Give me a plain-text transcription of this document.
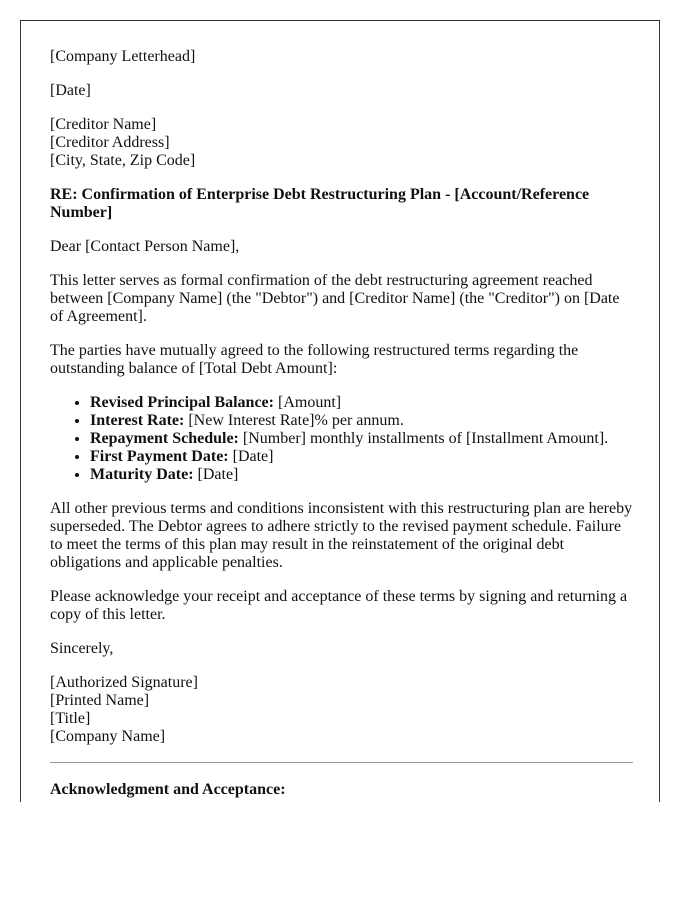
[Company Letterhead]

[Date]

[Creditor Name]
[Creditor Address]
[City, State, Zip Code]

RE: Confirmation of Enterprise Debt Restructuring Plan - [Account/Reference Number]

Dear [Contact Person Name],

This letter serves as formal confirmation of the debt restructuring agreement reached between [Company Name] (the "Debtor") and [Creditor Name] (the "Creditor") on [Date of Agreement].

The parties have mutually agreed to the following restructured terms regarding the outstanding balance of [Total Debt Amount]:

• Revised Principal Balance: [Amount]
• Interest Rate: [New Interest Rate]% per annum.
• Repayment Schedule: [Number] monthly installments of [Installment Amount].
• First Payment Date: [Date]
• Maturity Date: [Date]

All other previous terms and conditions inconsistent with this restructuring plan are hereby superseded. The Debtor agrees to adhere strictly to the revised payment schedule. Failure to meet the terms of this plan may result in the reinstatement of the original debt obligations and applicable penalties.

Please acknowledge your receipt and acceptance of these terms by signing and returning a copy of this letter.

Sincerely,

[Authorized Signature]
[Printed Name]
[Title]
[Company Name]

Acknowledgment and Acceptance:
